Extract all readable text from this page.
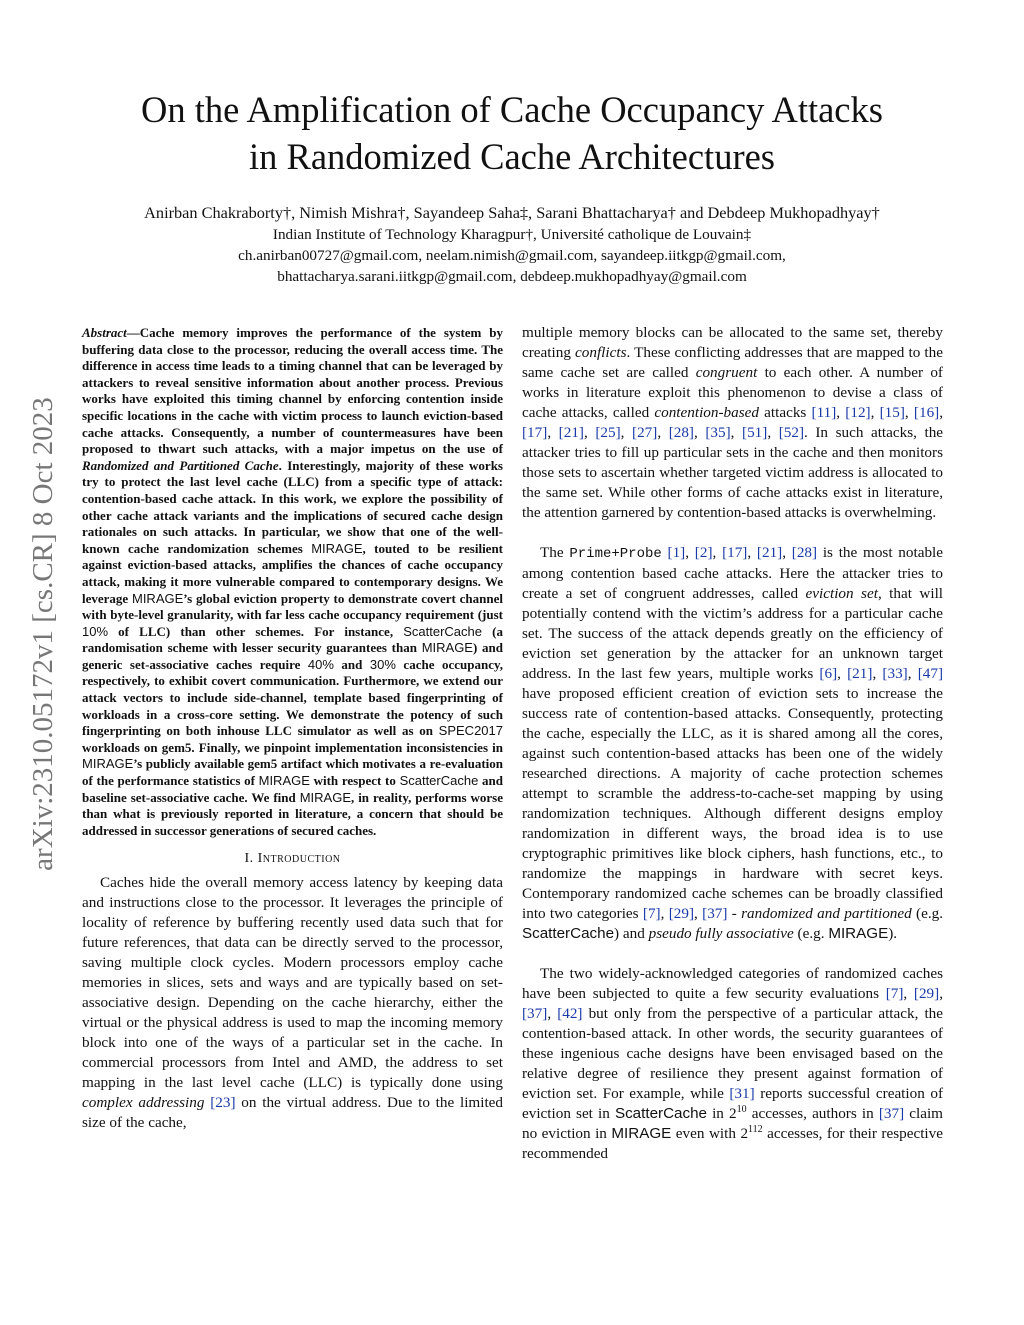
arXiv:2310.05172v1 [cs.CR] 8 Oct 2023
On the Amplification of Cache Occupancy Attacks
in Randomized Cache Architectures
Anirban Chakraborty†, Nimish Mishra†, Sayandeep Saha‡, Sarani Bhattacharya† and Debdeep Mukhopadhyay†
Indian Institute of Technology Kharagpur†, Université catholique de Louvain‡
ch.anirban00727@gmail.com, neelam.nimish@gmail.com, sayandeep.iitkgp@gmail.com,
bhattacharya.sarani.iitkgp@gmail.com, debdeep.mukhopadhyay@gmail.com

Abstract—Cache memory improves the performance of the system by buffering data close to the processor, reducing the overall access time. The difference in access time leads to a timing channel that can be leveraged by attackers to reveal sensitive information about another process. Previous works have exploited this timing channel by enforcing contention inside specific locations in the cache with victim process to launch eviction-based cache attacks. Consequently, a number of countermeasures have been proposed to thwart such attacks, with a major impetus on the use of Randomized and Partitioned Cache. Interestingly, majority of these works try to protect the last level cache (LLC) from a specific type of attack: contention-based cache attack. In this work, we explore the possibility of other cache attack variants and the implications of secured cache design rationales on such attacks. In particular, we show that one of the well-known cache randomization schemes MIRAGE, touted to be resilient against eviction-based attacks, amplifies the chances of cache occupancy attack, making it more vulnerable compared to contemporary designs. We leverage MIRAGE’s global eviction property to demonstrate covert channel with byte-level granularity, with far less cache occupancy requirement (just 10% of LLC) than other schemes. For instance, ScatterCache (a randomisation scheme with lesser security guarantees than MIRAGE) and generic set-associative caches require 40% and 30% cache occupancy, respectively, to exhibit covert communication. Furthermore, we extend our attack vectors to include side-channel, template based fingerprinting of workloads in a cross-core setting. We demonstrate the potency of such fingerprinting on both inhouse LLC simulator as well as on SPEC2017 workloads on gem5. Finally, we pinpoint implementation inconsistencies in MIRAGE’s publicly available gem5 artifact which motivates a re-evaluation of the performance statistics of MIRAGE with respect to ScatterCache and baseline set-associative cache. We find MIRAGE, in reality, performs worse than what is previously reported in literature, a concern that should be addressed in successor generations of secured caches.

I. Introduction

Caches hide the overall memory access latency by keeping data and instructions close to the processor. It leverages the principle of locality of reference by buffering recently used data such that for future references, that data can be directly served to the processor, saving multiple clock cycles. Modern processors employ cache memories in slices, sets and ways and are typically based on set-associative design. Depending on the cache hierarchy, either the virtual or the physical address is used to map the incoming memory block into one of the ways of a particular set in the cache. In commercial processors from Intel and AMD, the address to set mapping in the last level cache (LLC) is typically done using complex addressing [23] on the virtual address. Due to the limited size of the cache,

multiple memory blocks can be allocated to the same set, thereby creating conflicts. These conflicting addresses that are mapped to the same cache set are called congruent to each other. A number of works in literature exploit this phenomenon to devise a class of cache attacks, called contention-based attacks [11], [12], [15], [16], [17], [21], [25], [27], [28], [35], [51], [52]. In such attacks, the attacker tries to fill up particular sets in the cache and then monitors those sets to ascertain whether targeted victim address is allocated to the same set. While other forms of cache attacks exist in literature, the attention garnered by contention-based attacks is overwhelming.

The Prime+Probe [1], [2], [17], [21], [28] is the most notable among contention based cache attacks. Here the attacker tries to create a set of congruent addresses, called eviction set, that will potentially contend with the victim’s address for a particular cache set. The success of the attack depends greatly on the efficiency of eviction set generation by the attacker for an unknown target address. In the last few years, multiple works [6], [21], [33], [47] have proposed efficient creation of eviction sets to increase the success rate of contention-based attacks. Consequently, protecting the cache, especially the LLC, as it is shared among all the cores, against such contention-based attacks has been one of the widely researched directions. A majority of cache protection schemes attempt to scramble the address-to-cache-set mapping by using randomization techniques. Although different designs employ randomization in different ways, the broad idea is to use cryptographic primitives like block ciphers, hash functions, etc., to randomize the mappings in hardware with secret keys. Contemporary randomized cache schemes can be broadly classified into two categories [7], [29], [37] - randomized and partitioned (e.g. ScatterCache) and pseudo fully associative (e.g. MIRAGE).

The two widely-acknowledged categories of randomized caches have been subjected to quite a few security evaluations [7], [29], [37], [42] but only from the perspective of a particular attack, the contention-based attack. In other words, the security guarantees of these ingenious cache designs have been envisaged based on the relative degree of resilience they present against formation of eviction set. For example, while [31] reports successful creation of eviction set in ScatterCache in $2^{10}$ accesses, authors in [37] claim no eviction in MIRAGE even with $2^{112}$ accesses, for their respective recommended
